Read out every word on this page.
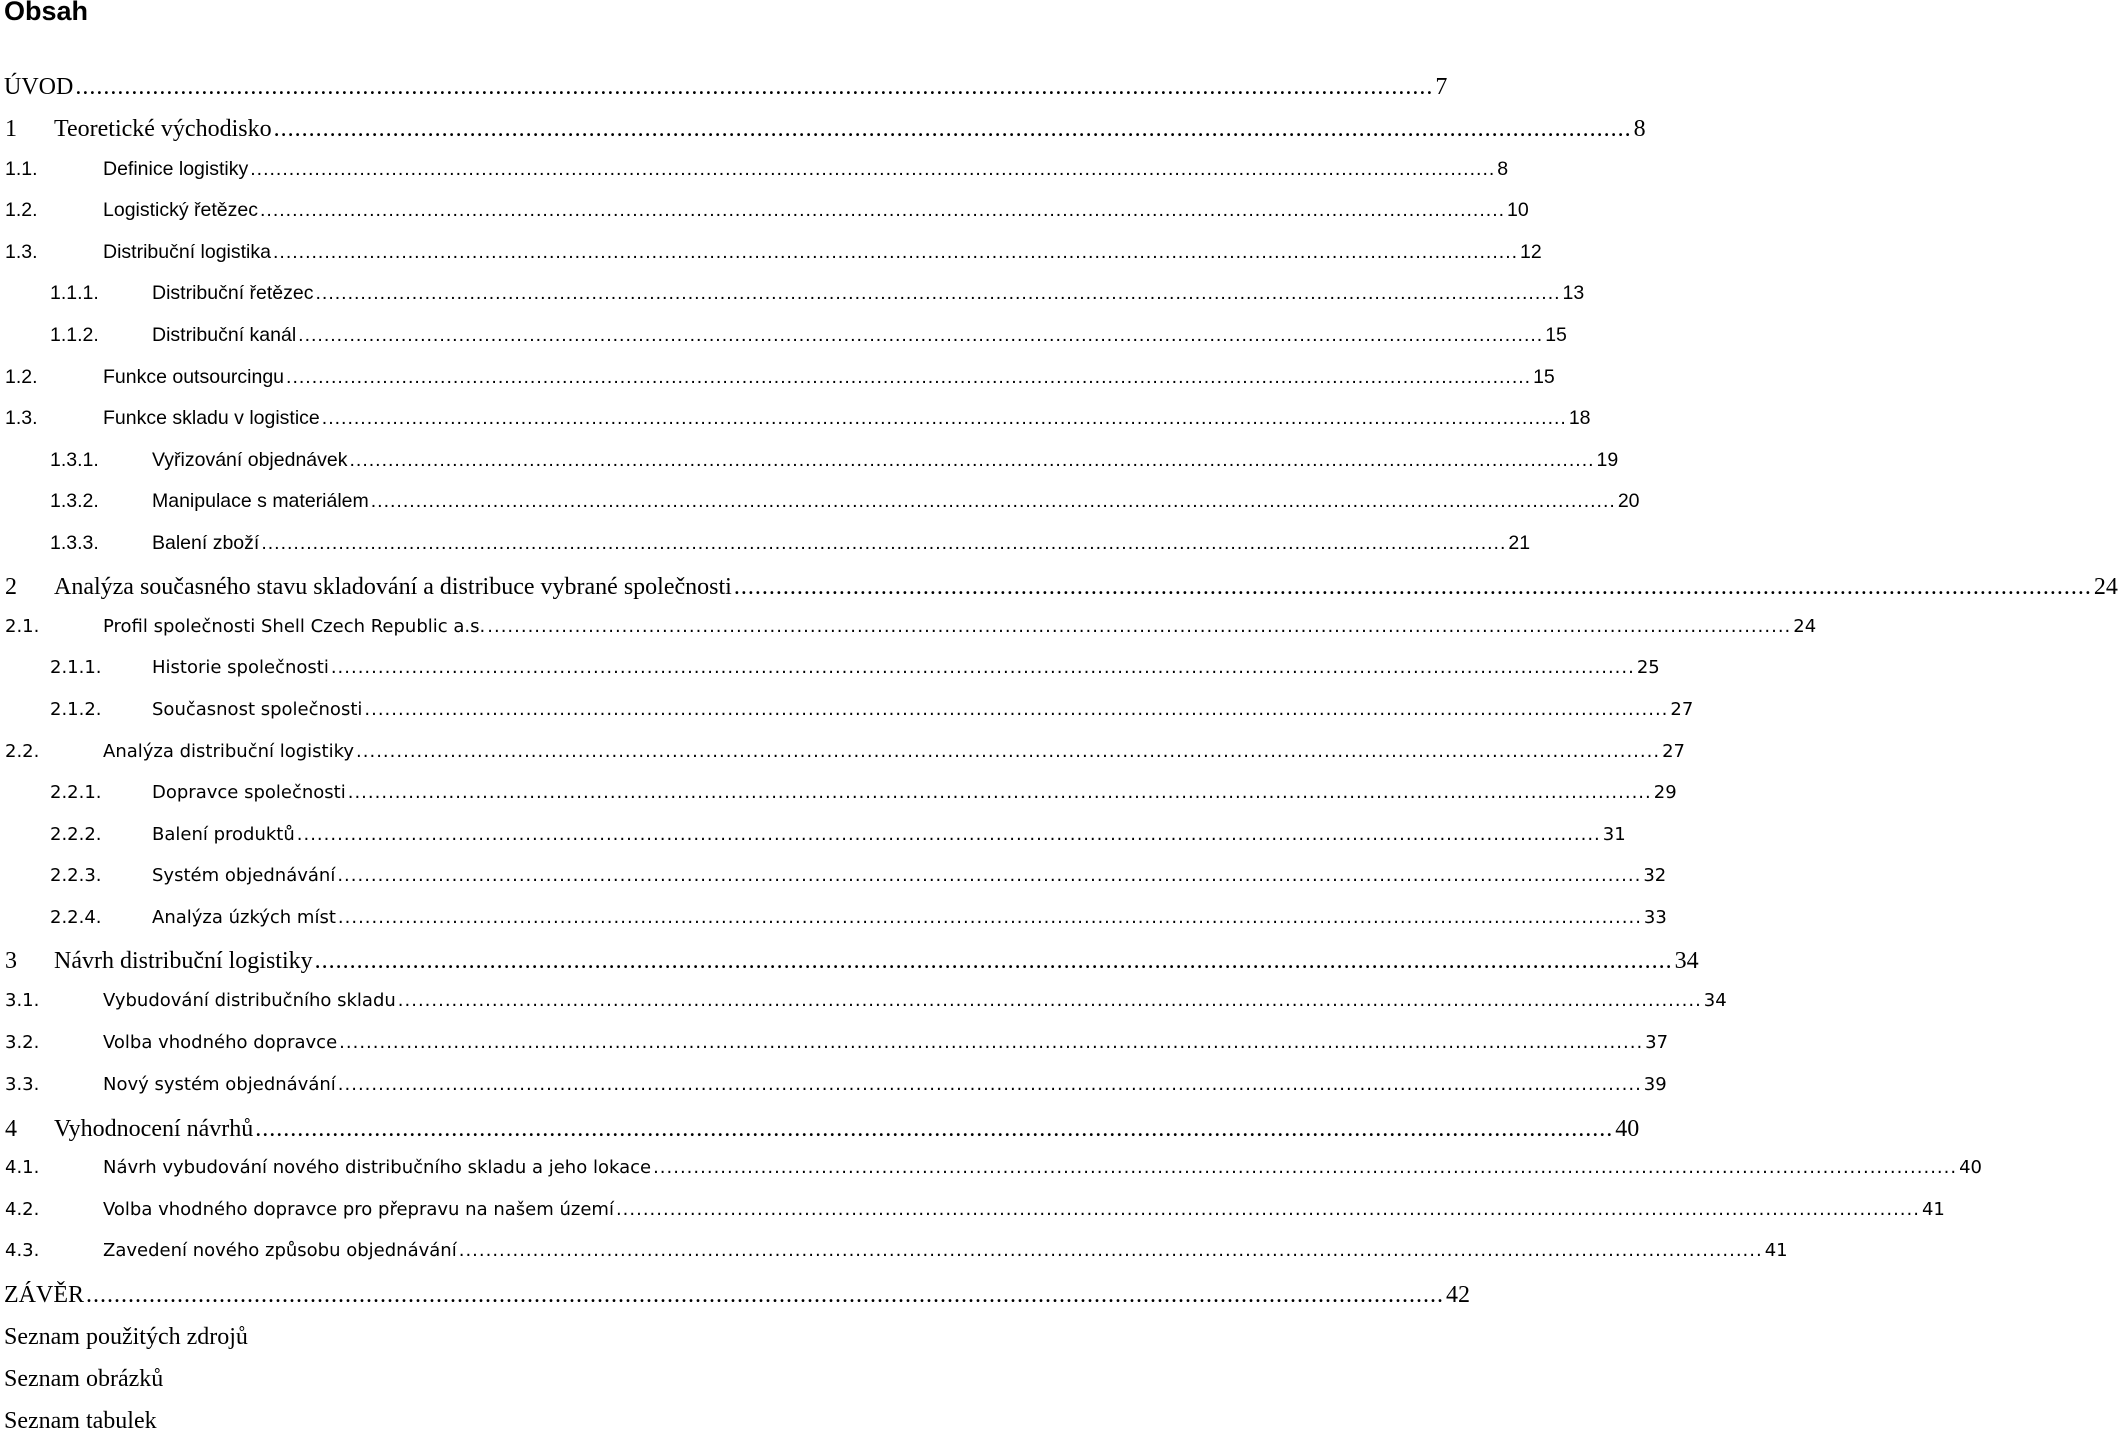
Obsah
ÚVOD .................................................................................................................................................................................................. 7
1	Teoretické východisko .................................................................................................................................................................................................. 8
1.1.	Definice logistiky .................................................................................................................................................................................................. 8
1.2.	Logistický řetězec .................................................................................................................................................................................................. 10
1.3.	Distribuční logistika .................................................................................................................................................................................................. 12
1.1.1.	Distribuční řetězec .................................................................................................................................................................................................. 13
1.1.2.	Distribuční kanál .................................................................................................................................................................................................. 15
1.2.	Funkce outsourcingu .................................................................................................................................................................................................. 15
1.3.	Funkce skladu v logistice .................................................................................................................................................................................................. 18
1.3.1.	Vyřizování objednávek .................................................................................................................................................................................................. 19
1.3.2.	Manipulace s materiálem .................................................................................................................................................................................................. 20
1.3.3.	Balení zboží .................................................................................................................................................................................................. 21
2	Analýza současného stavu skladování a distribuce vybrané společnosti .................................................................................................................................................................................................. 24
2.1.	Profil společnosti Shell Czech Republic a.s. .................................................................................................................................................................................................. 24
2.1.1.	Historie společnosti .................................................................................................................................................................................................. 25
2.1.2.	Současnost společnosti .................................................................................................................................................................................................. 27
2.2.	Analýza distribuční logistiky .................................................................................................................................................................................................. 27
2.2.1.	Dopravce společnosti .................................................................................................................................................................................................. 29
2.2.2.	Balení produktů .................................................................................................................................................................................................. 31
2.2.3.	Systém objednávání .................................................................................................................................................................................................. 32
2.2.4.	Analýza úzkých míst .................................................................................................................................................................................................. 33
3	Návrh distribuční logistiky .................................................................................................................................................................................................. 34
3.1.	Vybudování distribučního skladu .................................................................................................................................................................................................. 34
3.2.	Volba vhodného dopravce .................................................................................................................................................................................................. 37
3.3.	Nový systém objednávání .................................................................................................................................................................................................. 39
4	Vyhodnocení návrhů .................................................................................................................................................................................................. 40
4.1.	Návrh vybudování nového distribučního skladu a jeho lokace .................................................................................................................................................................................................. 40
4.2.	Volba vhodného dopravce pro přepravu na našem území .................................................................................................................................................................................................. 41
4.3.	Zavedení nového způsobu objednávání .................................................................................................................................................................................................. 41
ZÁVĚR .................................................................................................................................................................................................. 42
Seznam použitých zdrojů
Seznam obrázků
Seznam tabulek
